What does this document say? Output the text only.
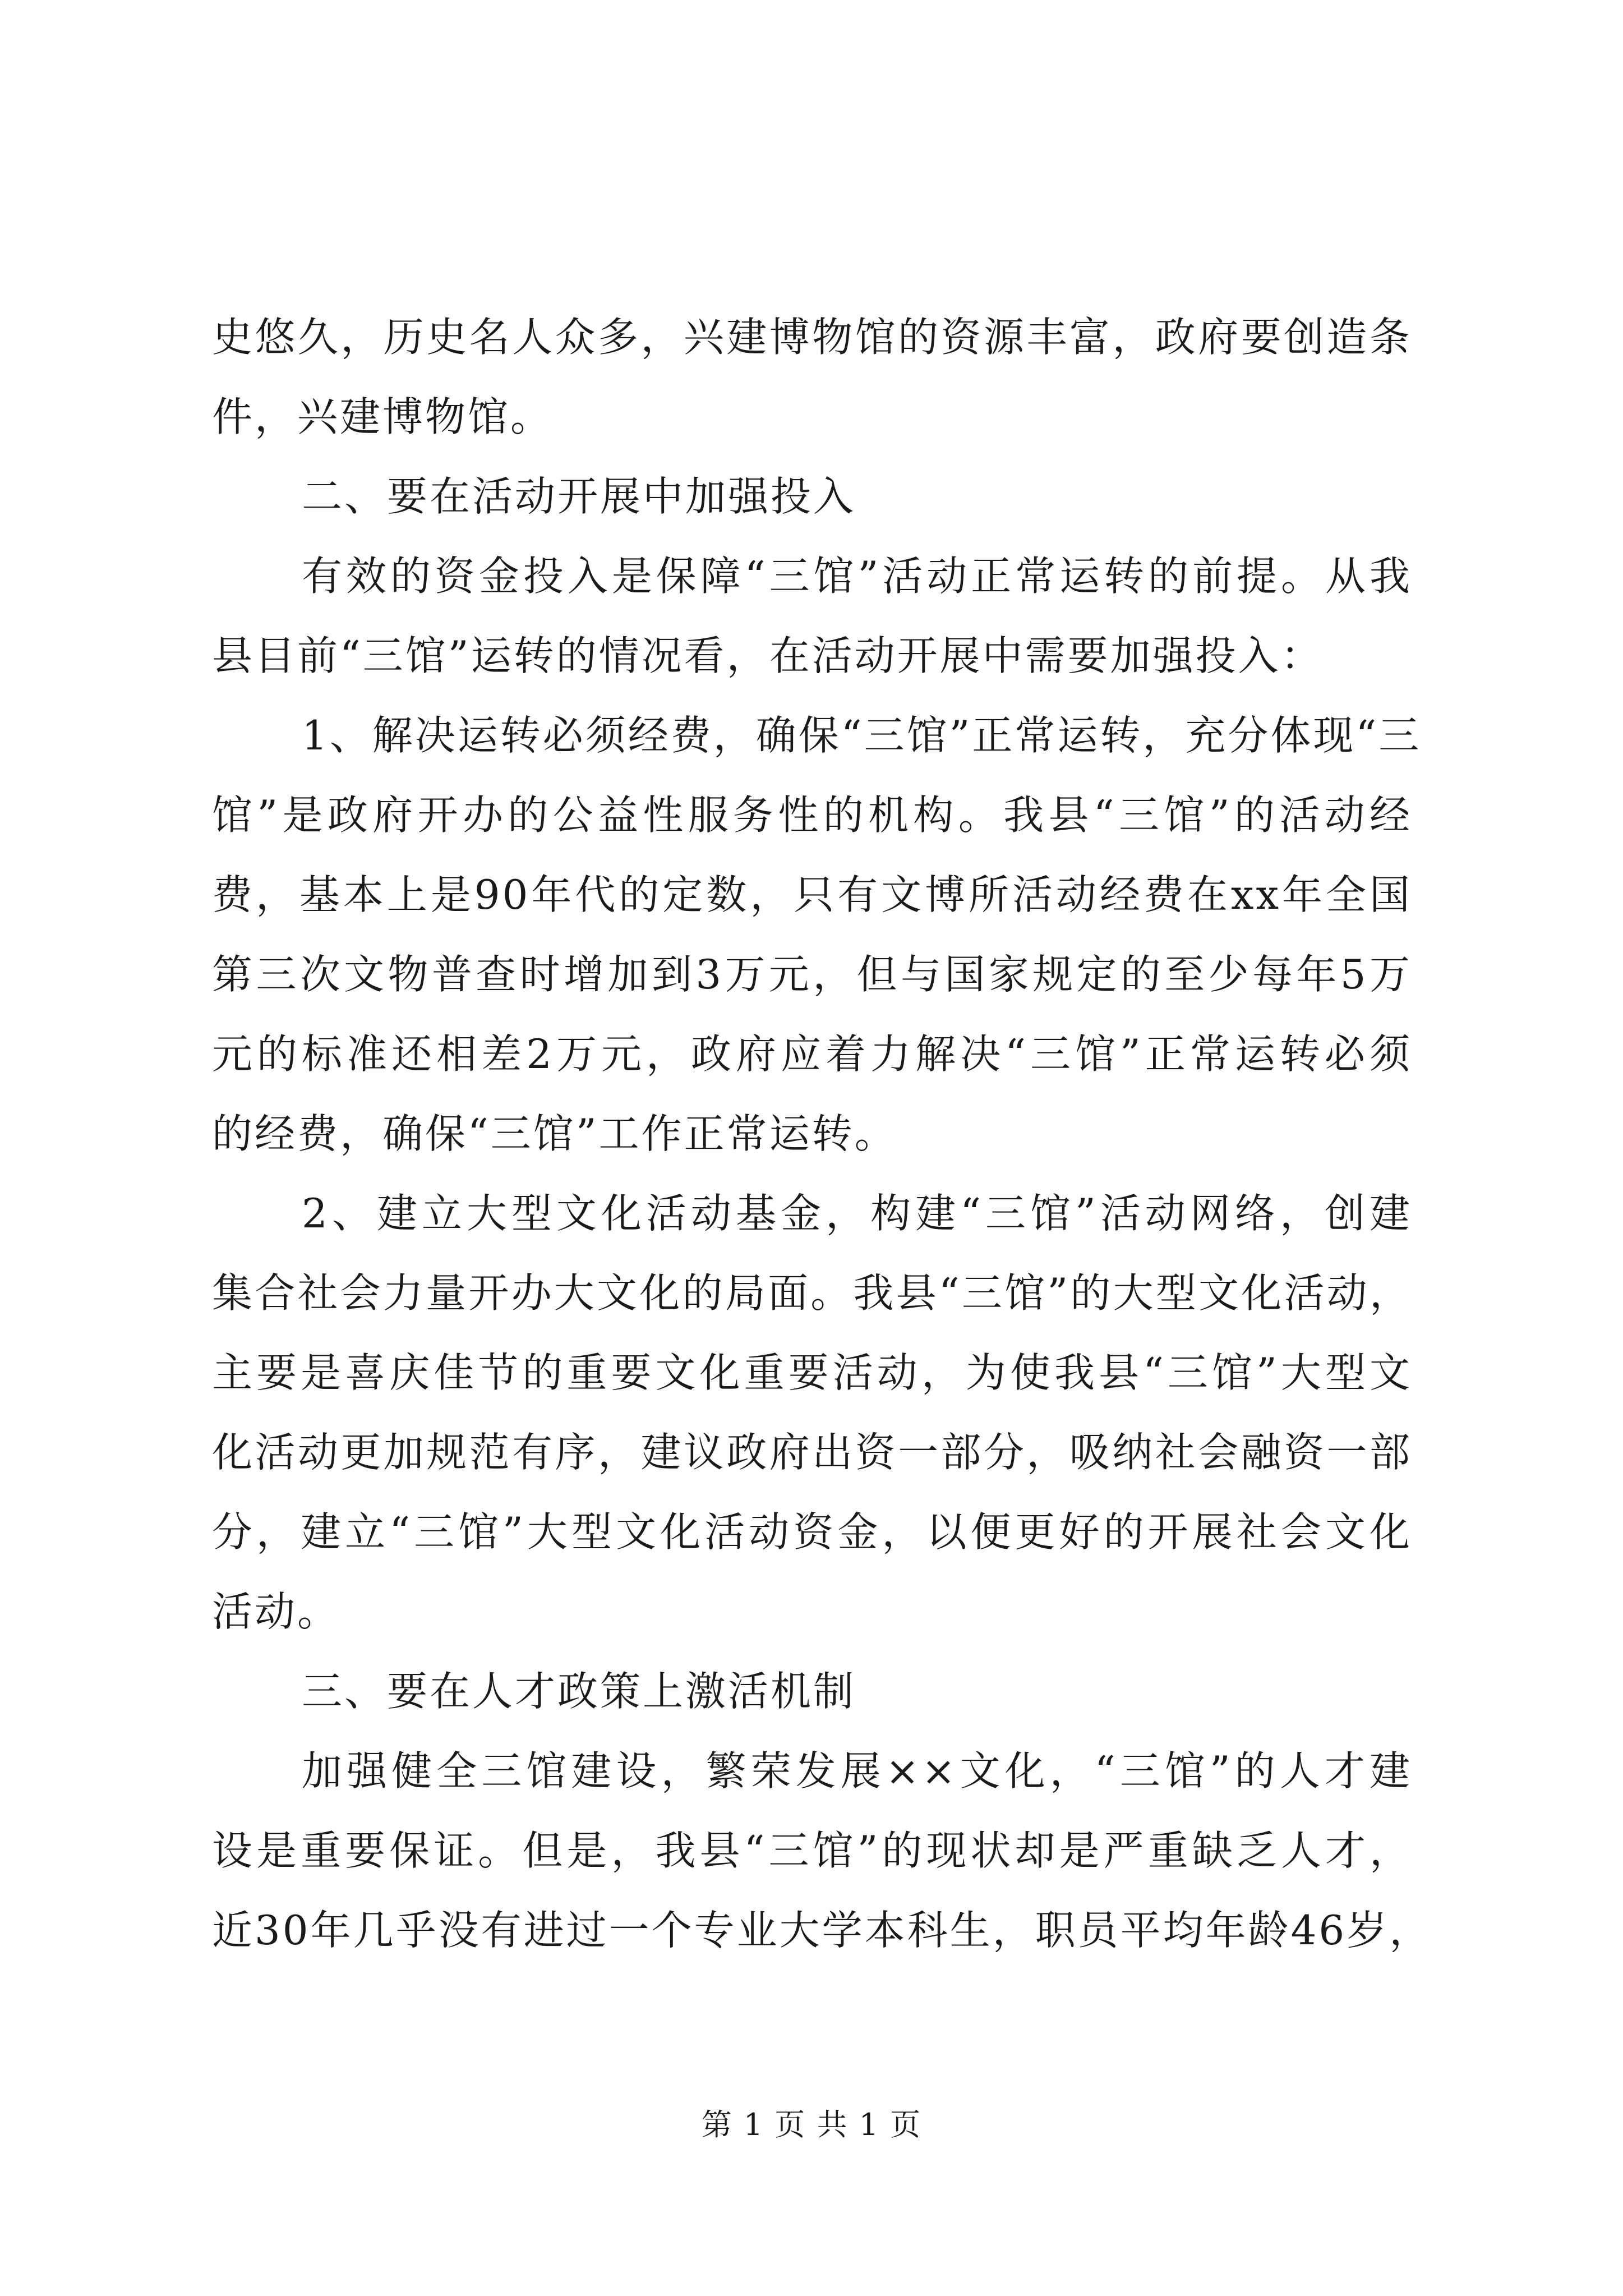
史悠久，历史名人众多，兴建博物馆的资源丰富，政府要创造条
件，兴建博物馆。
二、要在活动开展中加强投入
有效的资金投入是保障“三馆”活动正常运转的前提。从我
县目前“三馆”运转的情况看，在活动开展中需要加强投入：
1、解决运转必须经费，确保“三馆”正常运转，充分体现“三
馆”是政府开办的公益性服务性的机构。我县“三馆”的活动经
费，基本上是90年代的定数，只有文博所活动经费在xx年全国
第三次文物普查时增加到3万元，但与国家规定的至少每年5万
元的标准还相差2万元，政府应着力解决“三馆”正常运转必须
的经费，确保“三馆”工作正常运转。
2、建立大型文化活动基金，构建“三馆”活动网络，创建
集合社会力量开办大文化的局面。我县“三馆”的大型文化活动，
主要是喜庆佳节的重要文化重要活动，为使我县“三馆”大型文
化活动更加规范有序，建议政府出资一部分，吸纳社会融资一部
分，建立“三馆”大型文化活动资金，以便更好的开展社会文化
活动。
三、要在人才政策上激活机制
加强健全三馆建设，繁荣发展××文化，“三馆”的人才建
设是重要保证。但是，我县“三馆”的现状却是严重缺乏人才，
近30年几乎没有进过一个专业大学本科生，职员平均年龄46岁，
第 1 页 共 1 页
